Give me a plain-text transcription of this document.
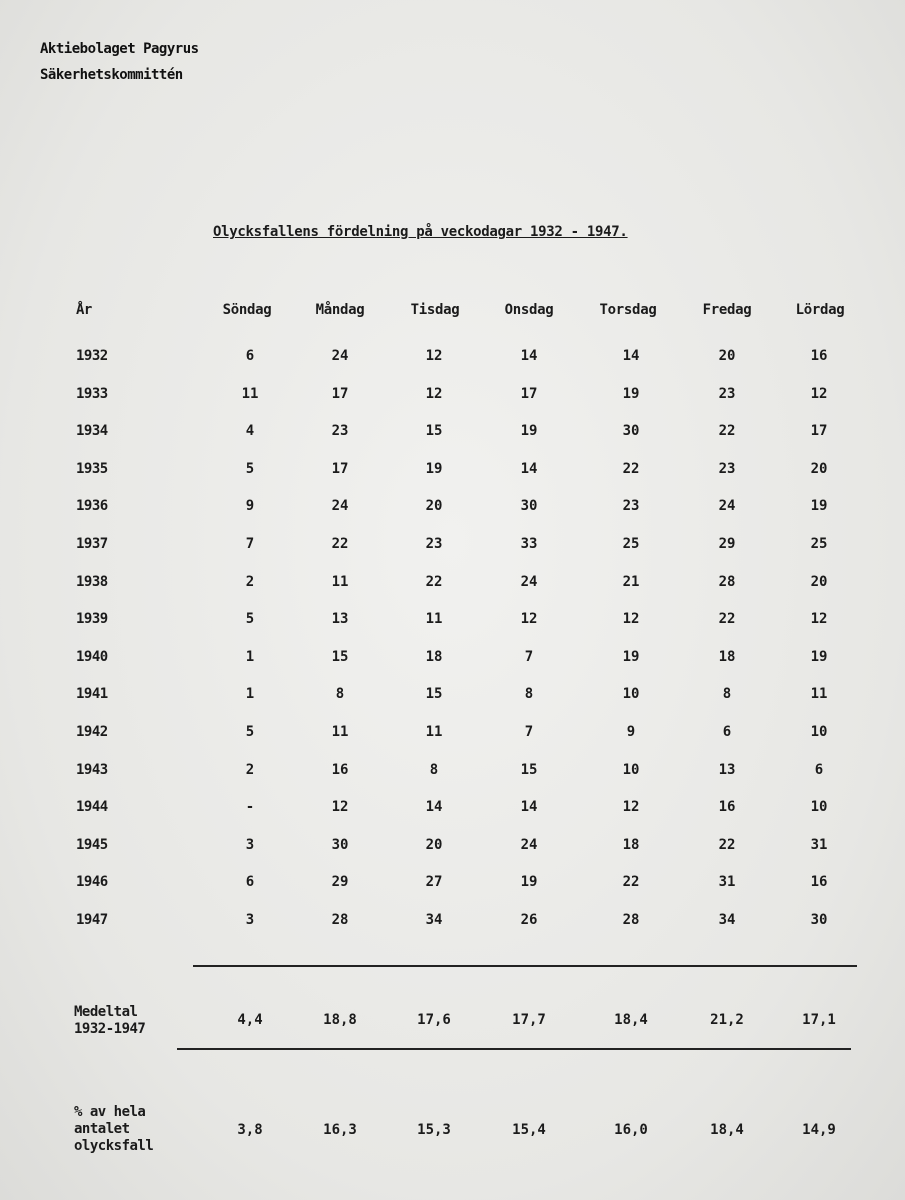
Aktiebolaget Pagyrus
Säkerhetskommittén
Olycksfallens fördelning på veckodagar 1932 - 1947.
År	Söndag	Måndag	Tisdag	Onsdag	Torsdag	Fredag	Lördag
1932	6	24	12	14	14	20	16
1933	11	17	12	17	19	23	12
1934	4	23	15	19	30	22	17
1935	5	17	19	14	22	23	20
1936	9	24	20	30	23	24	19
1937	7	22	23	33	25	29	25
1938	2	11	22	24	21	28	20
1939	5	13	11	12	12	22	12
1940	1	15	18	7	19	18	19
1941	1	8	15	8	10	8	11
1942	5	11	11	7	9	6	10
1943	2	16	8	15	10	13	6
1944	-	12	14	14	12	16	10
1945	3	30	20	24	18	22	31
1946	6	29	27	19	22	31	16
1947	3	28	34	26	28	34	30
Medeltal
1932-1947
4,4	18,8	17,6	17,7	18,4	21,2	17,1
% av hela
antalet
olycksfall
3,8	16,3	15,3	15,4	16,0	18,4	14,9
